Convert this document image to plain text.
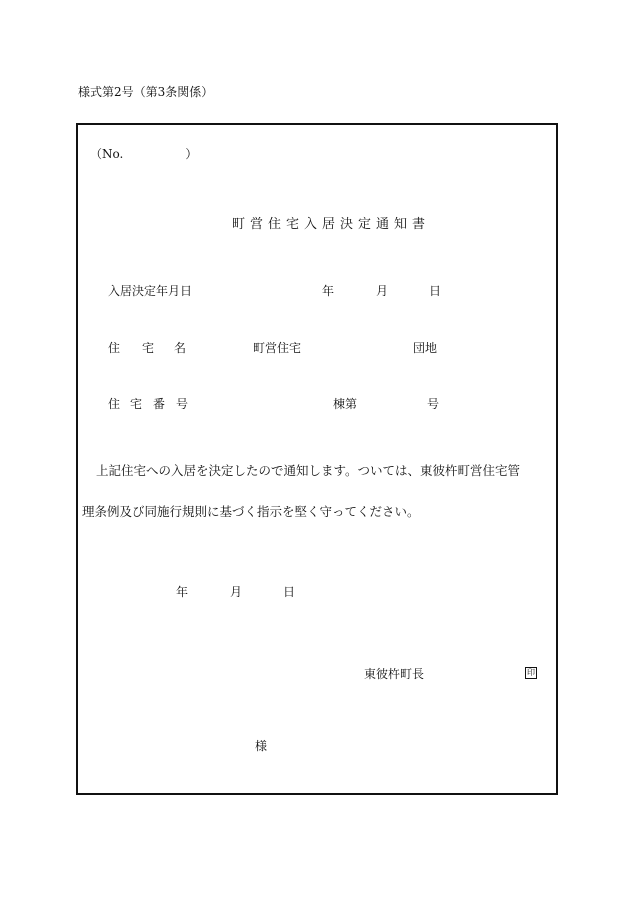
様式第2号（第3条関係）
（No.	）
町営住宅入居決定通知書
入居決定年月日	年	月	日
住 宅 名	町営住宅	団地
住 宅 番 号	棟第	号
上記住宅への入居を決定したので通知します。ついては、東彼杵町営住宅管
理条例及び同施行規則に基づく指示を堅く守ってください。
年	月	日
東彼杵町長	印
様
